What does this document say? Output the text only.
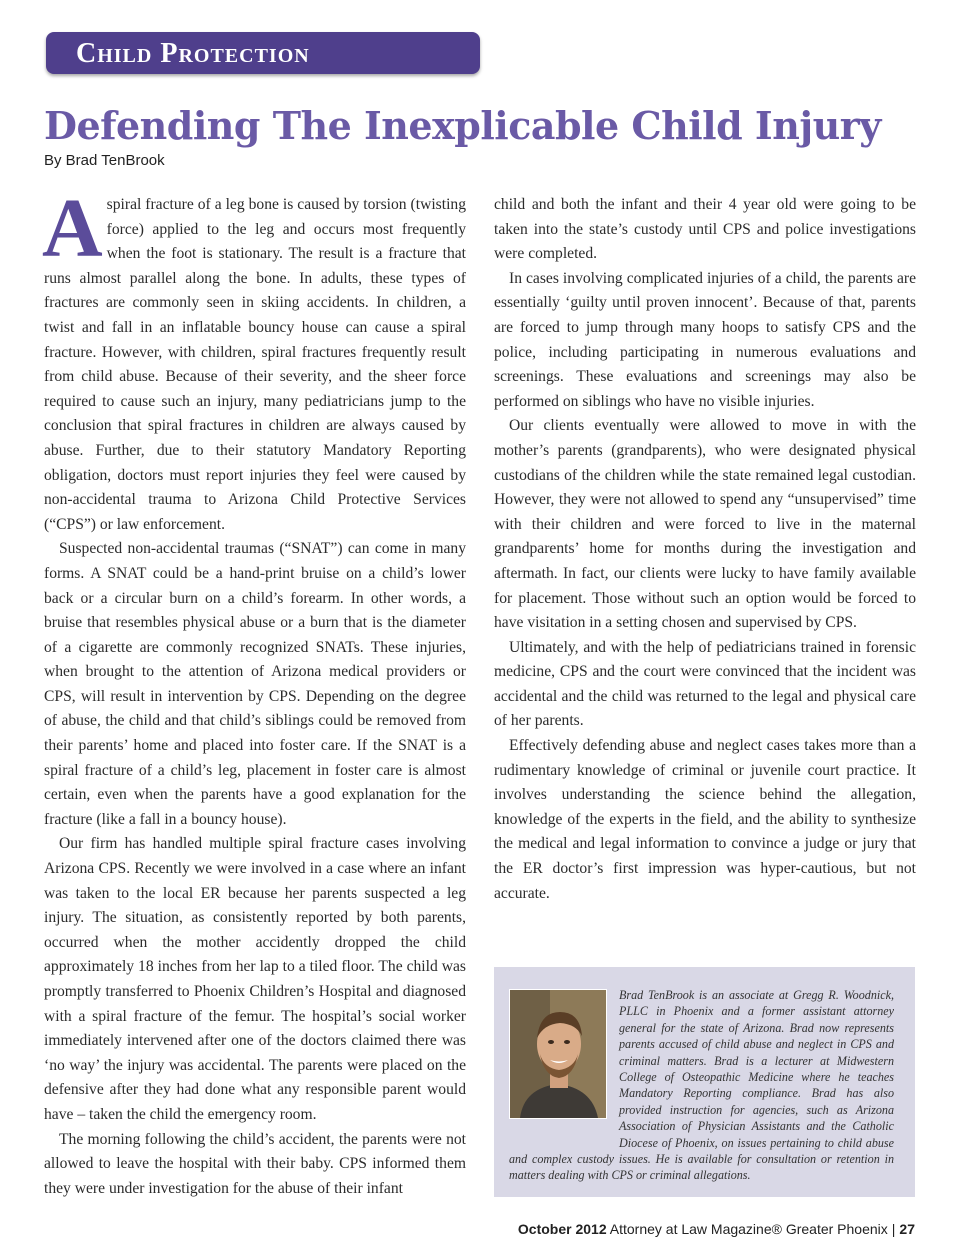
Child Protection
Defending The Inexplicable Child Injury
By Brad TenBrook

Aspiral fracture of a leg bone is caused by torsion (twisting force) applied to the leg and occurs most frequently when the foot is stationary. The result is a fracture that runs almost parallel along the bone. In adults, these types of fractures are commonly seen in skiing accidents. In children, a twist and fall in an inflatable bouncy house can cause a spiral fracture. However, with children, spiral fractures frequently result from child abuse. Because of their severity, and the sheer force required to cause such an injury, many pediatricians jump to the conclusion that spiral fractures in children are always caused by abuse. Further, due to their statutory Mandatory Reporting obligation, doctors must report injuries they feel were caused by non-accidental trauma to Arizona Child Protective Services (“CPS”) or law enforcement.

Suspected non-accidental traumas (“SNAT”) can come in many forms. A SNAT could be a hand-print bruise on a child’s lower back or a circular burn on a child’s forearm. In other words, a bruise that resembles physical abuse or a burn that is the diameter of a cigarette are commonly recognized SNATs. These injuries, when brought to the attention of Arizona medical providers or CPS, will result in intervention by CPS. Depending on the degree of abuse, the child and that child’s siblings could be removed from their parents’ home and placed into foster care. If the SNAT is a spiral fracture of a child’s leg, placement in foster care is almost certain, even when the parents have a good explanation for the fracture (like a fall in a bouncy house).

Our firm has handled multiple spiral fracture cases involving Arizona CPS. Recently we were involved in a case where an infant was taken to the local ER because her parents suspected a leg injury. The situation, as consistently reported by both parents, occurred when the mother accidently dropped the child approximately 18 inches from her lap to a tiled floor. The child was promptly transferred to Phoenix Children’s Hospital and diagnosed with a spiral fracture of the femur. The hospital’s social worker immediately intervened after one of the doctors claimed there was ‘no way’ the injury was accidental. The parents were placed on the defensive after they had done what any responsible parent would have – taken the child the emergency room.

The morning following the child’s accident, the parents were not allowed to leave the hospital with their baby. CPS informed them they were under investigation for the abuse of their infant

child and both the infant and their 4 year old were going to be taken into the state’s custody until CPS and police investigations were completed.

In cases involving complicated injuries of a child, the parents are essentially ‘guilty until proven innocent’. Because of that, parents are forced to jump through many hoops to satisfy CPS and the police, including participating in numerous evaluations and screenings. These evaluations and screenings may also be performed on siblings who have no visible injuries.

Our clients eventually were allowed to move in with the mother’s parents (grandparents), who were designated physical custodians of the children while the state remained legal custodian. However, they were not allowed to spend any “unsupervised” time with their children and were forced to live in the maternal grandparents’ home for months during the investigation and aftermath. In fact, our clients were lucky to have family available for placement. Those without such an option would be forced to have visitation in a setting chosen and supervised by CPS.

Ultimately, and with the help of pediatricians trained in forensic medicine, CPS and the court were convinced that the incident was accidental and the child was returned to the legal and physical care of her parents.

Effectively defending abuse and neglect cases takes more than a rudimentary knowledge of criminal or juvenile court practice. It involves understanding the science behind the allegation, knowledge of the experts in the field, and the ability to synthesize the medical and legal information to convince a judge or jury that the ER doctor’s first impression was hyper-cautious, but not accurate.

Brad TenBrook is an associate at Gregg R. Woodnick, PLLC in Phoenix and a former assistant attorney general for the state of Arizona. Brad now represents parents accused of child abuse and neglect in CPS and criminal matters. Brad is a lecturer at Midwestern College of Osteopathic Medicine where he teaches Mandatory Reporting compliance. Brad has also provided instruction for agencies, such as Arizona Association of Physician Assistants and the Catholic Diocese of Phoenix, on issues pertaining to child abuse and complex custody issues. He is available for consultation or retention in matters dealing with CPS or criminal allegations.

October 2012 Attorney at Law Magazine® Greater Phoenix | 27
